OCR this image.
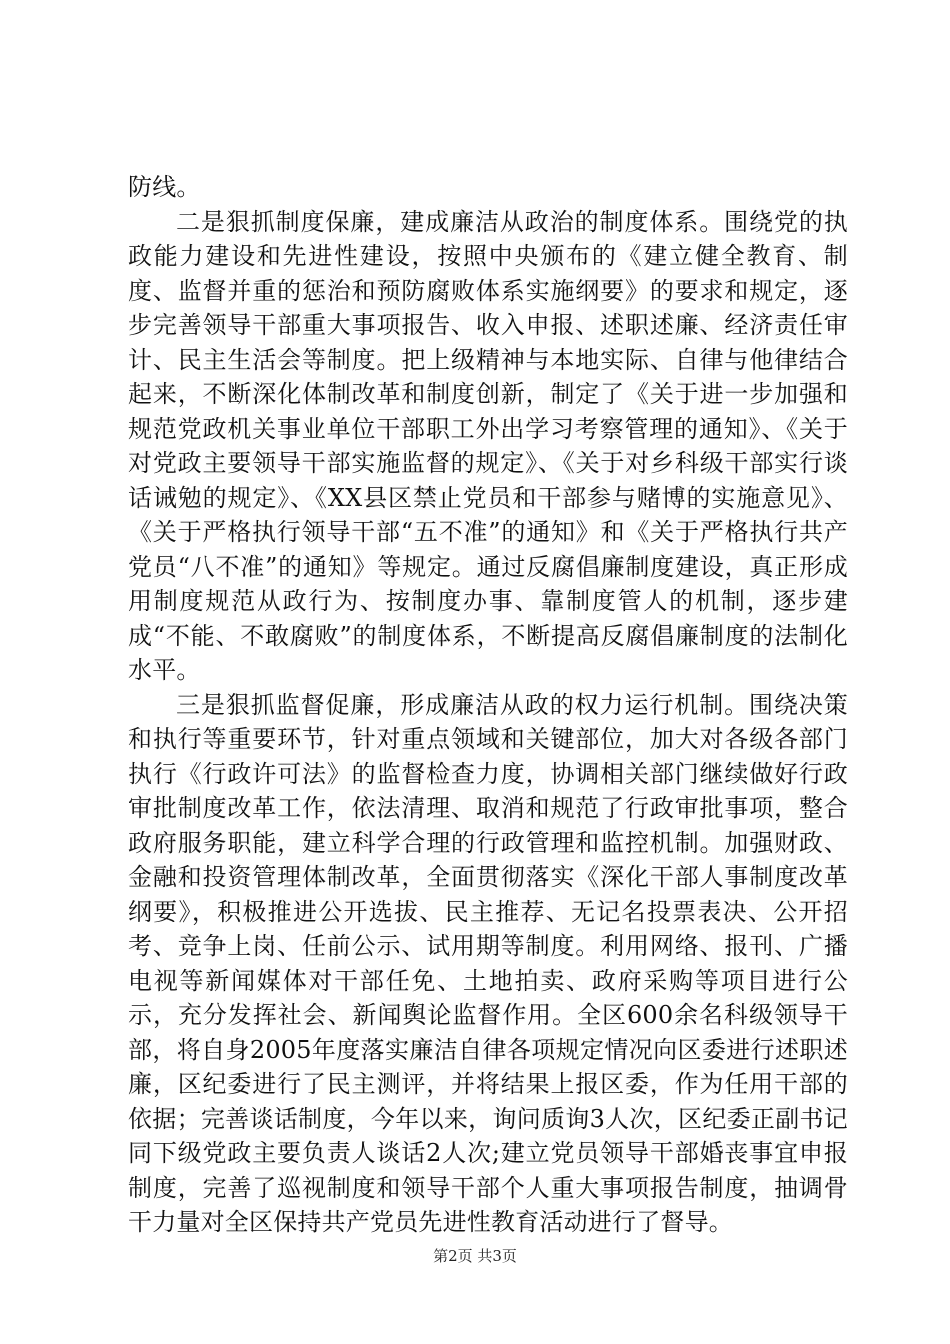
防线。

二是狠抓制度保廉，建成廉洁从政治的制度体系。围绕党的执政能力建设和先进性建设，按照中央颁布的《建立健全教育、制度、监督并重的惩治和预防腐败体系实施纲要》的要求和规定，逐步完善领导干部重大事项报告、收入申报、述职述廉、经济责任审计、民主生活会等制度。把上级精神与本地实际、自律与他律结合起来，不断深化体制改革和制度创新，制定了《关于进一步加强和规范党政机关事业单位干部职工外出学习考察管理的通知》、《关于对党政主要领导干部实施监督的规定》、《关于对乡科级干部实行谈话诫勉的规定》、《XX县区禁止党员和干部参与赌博的实施意见》、《关于严格执行领导干部“五不准”的通知》和《关于严格执行共产党员“八不准”的通知》等规定。通过反腐倡廉制度建设，真正形成用制度规范从政行为、按制度办事、靠制度管人的机制，逐步建成“不能、不敢腐败”的制度体系，不断提高反腐倡廉制度的法制化水平。

三是狠抓监督促廉，形成廉洁从政的权力运行机制。围绕决策和执行等重要环节，针对重点领域和关键部位，加大对各级各部门执行《行政许可法》的监督检查力度，协调相关部门继续做好行政审批制度改革工作，依法清理、取消和规范了行政审批事项，整合政府服务职能，建立科学合理的行政管理和监控机制。加强财政、金融和投资管理体制改革，全面贯彻落实《深化干部人事制度改革纲要》，积极推进公开选拔、民主推荐、无记名投票表决、公开招考、竞争上岗、任前公示、试用期等制度。利用网络、报刊、广播电视等新闻媒体对干部任免、土地拍卖、政府采购等项目进行公示，充分发挥社会、新闻舆论监督作用。全区600余名科级领导干部，将自身2005年度落实廉洁自律各项规定情况向区委进行述职述廉，区纪委进行了民主测评，并将结果上报区委，作为任用干部的依据；完善谈话制度，今年以来，询问质询3人次，区纪委正副书记同下级党政主要负责人谈话2人次;建立党员领导干部婚丧事宜申报制度，完善了巡视制度和领导干部个人重大事项报告制度，抽调骨干力量对全区保持共产党员先进性教育活动进行了督导。

第2页 共3页
